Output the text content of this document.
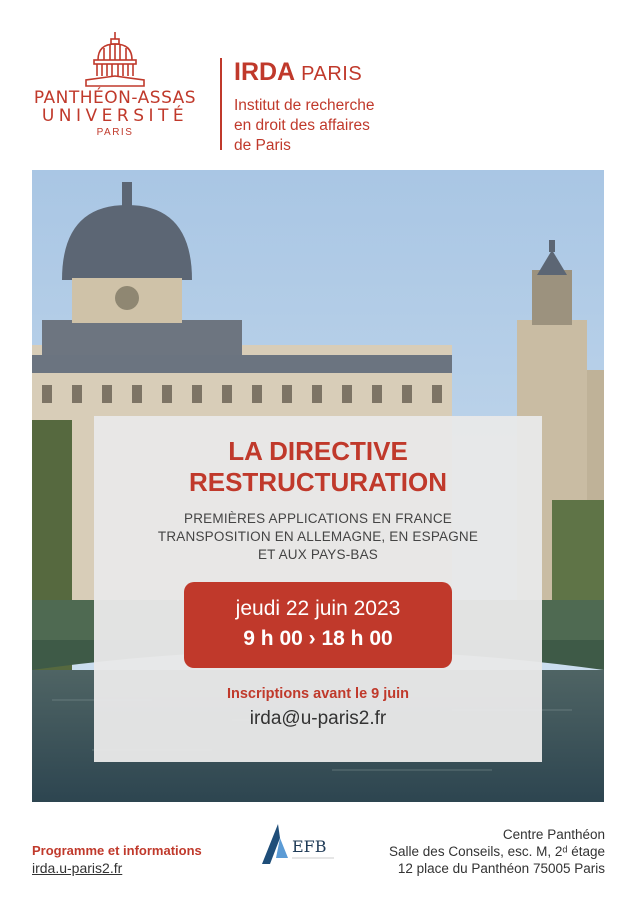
PANTHÉON-ASSAS
UNIVERSITÉ
PARIS
IRDA PARIS
Institut de recherche
en droit des affaires
de Paris
LA DIRECTIVE
RESTRUCTURATION
PREMIÈRES APPLICATIONS EN FRANCE
TRANSPOSITION EN ALLEMAGNE, EN ESPAGNE
ET AUX PAYS-BAS
jeudi 22 juin 2023
9 h 00 › 18 h 00
Inscriptions avant le 9 juin
irda@u-paris2.fr
Programme et informations
irda.u-paris2.fr
EFB
Centre Panthéon
Salle des Conseils, esc. M, 2ᵈ étage
12 place du Panthéon 75005 Paris
